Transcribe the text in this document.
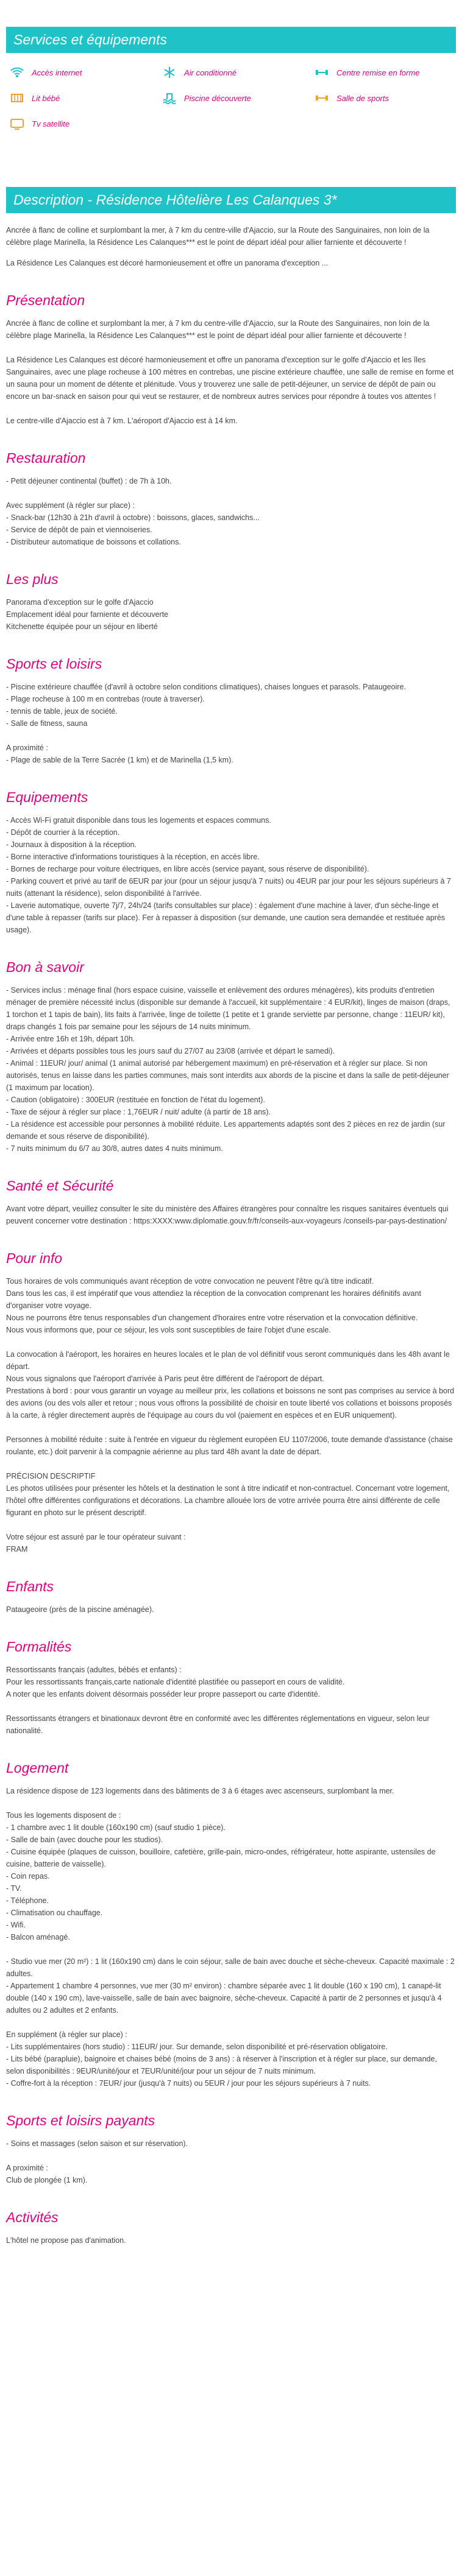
Services et équipements
Accès internet	Air conditionné	Centre remise en forme
Lit bébé	Piscine découverte	Salle de sports
Tv satellite
Description - Résidence Hôtelière Les Calanques 3*

Ancrée à flanc de colline et surplombant la mer, à 7 km du centre-ville d'Ajaccio, sur la Route des Sanguinaires, non loin de la célèbre plage Marinella, la Résidence Les Calanques*** est le point de départ idéal pour allier farniente et découverte !

La Résidence Les Calanques est décoré harmonieusement et offre un panorama d'exception ...

Présentation
Ancrée à flanc de colline et surplombant la mer, à 7 km du centre-ville d'Ajaccio, sur la Route des Sanguinaires, non loin de la célèbre plage Marinella, la Résidence Les Calanques*** est le point de départ idéal pour allier farniente et découverte !
La Résidence Les Calanques est décoré harmonieusement et offre un panorama d'exception sur le golfe d'Ajaccio et les îles Sanguinaires, avec une plage rocheuse à 100 mètres en contrebas, une piscine extérieure chauffée, une salle de remise en forme et un sauna pour un moment de détente et plénitude. Vous y trouverez une salle de petit-déjeuner, un service de dépôt de pain ou encore un bar-snack en saison pour qui veut se restaurer, et de nombreux autres services pour répondre à toutes vos attentes !
Le centre-ville d'Ajaccio est à 7 km. L'aéroport d'Ajaccio est à 14 km.
Restauration
- Petit déjeuner continental (buffet) : de 7h à 10h.
Avec supplément (à régler sur place) :
- Snack-bar (12h30 à 21h d'avril à octobre) : boissons, glaces, sandwichs...
- Service de dépôt de pain et viennoiseries.
- Distributeur automatique de boissons et collations.
Les plus
Panorama d'exception sur le golfe d'Ajaccio
Emplacement idéal pour farniente et découverte
Kitchenette équipée pour un séjour en liberté
Sports et loisirs
- Piscine extérieure chauffée (d'avril à octobre selon conditions climatiques), chaises longues et parasols. Pataugeoire.
- Plage rocheuse à 100 m en contrebas (route à traverser).
- tennis de table, jeux de société.
- Salle de fitness, sauna
A proximité :
- Plage de sable de la Terre Sacrée (1 km) et de Marinella (1,5 km).
Equipements
- Accès Wi-Fi gratuit disponible dans tous les logements et espaces communs.
- Dépôt de courrier à la réception.
- Journaux à disposition à la réception.
- Borne interactive d'informations touristiques à la réception, en accès libre.
- Bornes de recharge pour voiture électriques, en libre accès (service payant, sous réserve de disponibilité).
- Parking couvert et privé au tarif de 6EUR par jour (pour un séjour jusqu'à 7 nuits) ou 4EUR par jour pour les séjours supérieurs à 7 nuits (attenant la résidence), selon disponibilité à l'arrivée.
- Laverie automatique, ouverte 7j/7, 24h/24 (tarifs consultables sur place) : également d'une machine à laver, d'un sèche-linge et d'une table à repasser (tarifs sur place). Fer à repasser à disposition (sur demande, une caution sera demandée et restituée après usage).
Bon à savoir
- Services inclus : ménage final (hors espace cuisine, vaisselle et enlèvement des ordures ménagères), kits produits d'entretien ménager de première nécessité inclus (disponible sur demande à l'accueil, kit supplémentaire : 4 EUR/kit), linges de maison (draps, 1 torchon et 1 tapis de bain), lits faits à l'arrivée, linge de toilette (1 petite et 1 grande serviette par personne, change : 11EUR/ kit), draps changés 1 fois par semaine pour les séjours de 14 nuits minimum.
- Arrivée entre 16h et 19h, départ 10h.
- Arrivées et départs possibles tous les jours sauf du 27/07 au 23/08 (arrivée et départ le samedi).
- Animal : 11EUR/ jour/ animal (1 animal autorisé par hébergement maximum) en pré-réservation et à régler sur place. Si non autorisés, tenus en laisse dans les parties communes, mais sont interdits aux abords de la piscine et dans la salle de petit-déjeuner (1 maximum par location).
- Caution (obligatoire) : 300EUR (restituée en fonction de l'état du logement).
- Taxe de séjour à régler sur place : 1,76EUR / nuit/ adulte (à partir de 18 ans).
- La résidence est accessible pour personnes à mobilité réduite. Les appartements adaptés sont des 2 pièces en rez de jardin (sur demande et sous réserve de disponibilité).
- 7 nuits minimum du 6/7 au 30/8, autres dates 4 nuits minimum.
Santé et Sécurité
Avant votre départ, veuillez consulter le site du ministère des Affaires étrangères pour connaître les risques sanitaires éventuels qui peuvent concerner votre destination : https:XXXX:www.diplomatie.gouv.fr/fr/conseils-aux-voyageurs /conseils-par-pays-destination/
Pour info
Tous horaires de vols communiqués avant réception de votre convocation ne peuvent l'être qu'à titre indicatif.
Dans tous les cas, il est impératif que vous attendiez la réception de la convocation comprenant les horaires définitifs avant d'organiser votre voyage.
Nous ne pourrons être tenus responsables d'un changement d'horaires entre votre réservation et la convocation définitive.
Nous vous informons que, pour ce séjour, les vols sont susceptibles de faire l'objet d'une escale.
La convocation à l'aéroport, les horaires en heures locales et le plan de vol définitif vous seront communiqués dans les 48h avant le départ.
Nous vous signalons que l'aéroport d'arrivée à Paris peut être différent de l'aéroport de départ.
Prestations à bord : pour vous garantir un voyage au meilleur prix, les collations et boissons ne sont pas comprises au service à bord des avions (ou des vols aller et retour ; nous vous offrons la possibilité de choisir en toute liberté vos collations et boissons proposés à la carte, à régler directement auprès de l'équipage au cours du vol (paiement en espèces et en EUR uniquement).
Personnes à mobilité réduite : suite à l'entrée en vigueur du règlement européen EU 1107/2006, toute demande d'assistance (chaise roulante, etc.) doit parvenir à la compagnie aérienne au plus tard 48h avant la date de départ.
PRÉCISION DESCRIPTIF
Les photos utilisées pour présenter les hôtels et la destination le sont à titre indicatif et non-contractuel. Concernant votre logement, l'hôtel offre différentes configurations et décorations. La chambre allouée lors de votre arrivée pourra être ainsi différente de celle figurant en photo sur le présent descriptif.
Votre séjour est assuré par le tour opérateur suivant :
FRAM
Enfants
Pataugeoire (près de la piscine aménagée).
Formalités
Ressortissants français (adultes, bébés et enfants) :
Pour les ressortissants français,carte nationale d'identité plastifiée ou passeport en cours de validité.
A noter que les enfants doivent désormais posséder leur propre passeport ou carte d'identité.
Ressortissants étrangers et binationaux devront être en conformité avec les différentes réglementations en vigueur, selon leur nationalité.
Logement
La résidence dispose de 123 logements dans des bâtiments de 3 à 6 étages avec ascenseurs, surplombant la mer.
Tous les logements disposent de :
- 1 chambre avec 1 lit double (160x190 cm) (sauf studio 1 pièce).
- Salle de bain (avec douche pour les studios).
- Cuisine équipée (plaques de cuisson, bouilloire, cafetière, grille-pain, micro-ondes, réfrigérateur, hotte aspirante, ustensiles de cuisine, batterie de vaisselle).
- Coin repas.
- TV.
- Téléphone.
- Climatisation ou chauffage.
- Wifi.
- Balcon aménagé.
- Studio vue mer (20 m²) : 1 lit (160x190 cm) dans le coin séjour, salle de bain avec douche et sèche-cheveux. Capacité maximale : 2 adultes.
- Appartement 1 chambre 4 personnes, vue mer (30 m² environ) : chambre séparée avec 1 lit double (160 x 190 cm), 1 canapé-lit double (140 x 190 cm), lave-vaisselle, salle de bain avec baignoire, sèche-cheveux. Capacité à partir de 2 personnes et jusqu'à 4 adultes ou 2 adultes et 2 enfants.
En supplément (à régler sur place) :
- Lits supplémentaires (hors studio) : 11EUR/ jour. Sur demande, selon disponibilité et pré-réservation obligatoire.
- Lits bébé (parapluie), baignoire et chaises bébé (moins de 3 ans) : à réserver à l'inscription et à régler sur place, sur demande, selon disponibilités : 9EUR/unité/jour et 7EUR/unité/jour pour un séjour de 7 nuits minimum.
- Coffre-fort à la réception : 7EUR/ jour (jusqu'à 7 nuits) ou 5EUR / jour pour les séjours supérieurs à 7 nuits.
Sports et loisirs payants
- Soins et massages (selon saison et sur réservation).
A proximité :
Club de plongée (1 km).
Activités
L'hôtel ne propose pas d'animation.
